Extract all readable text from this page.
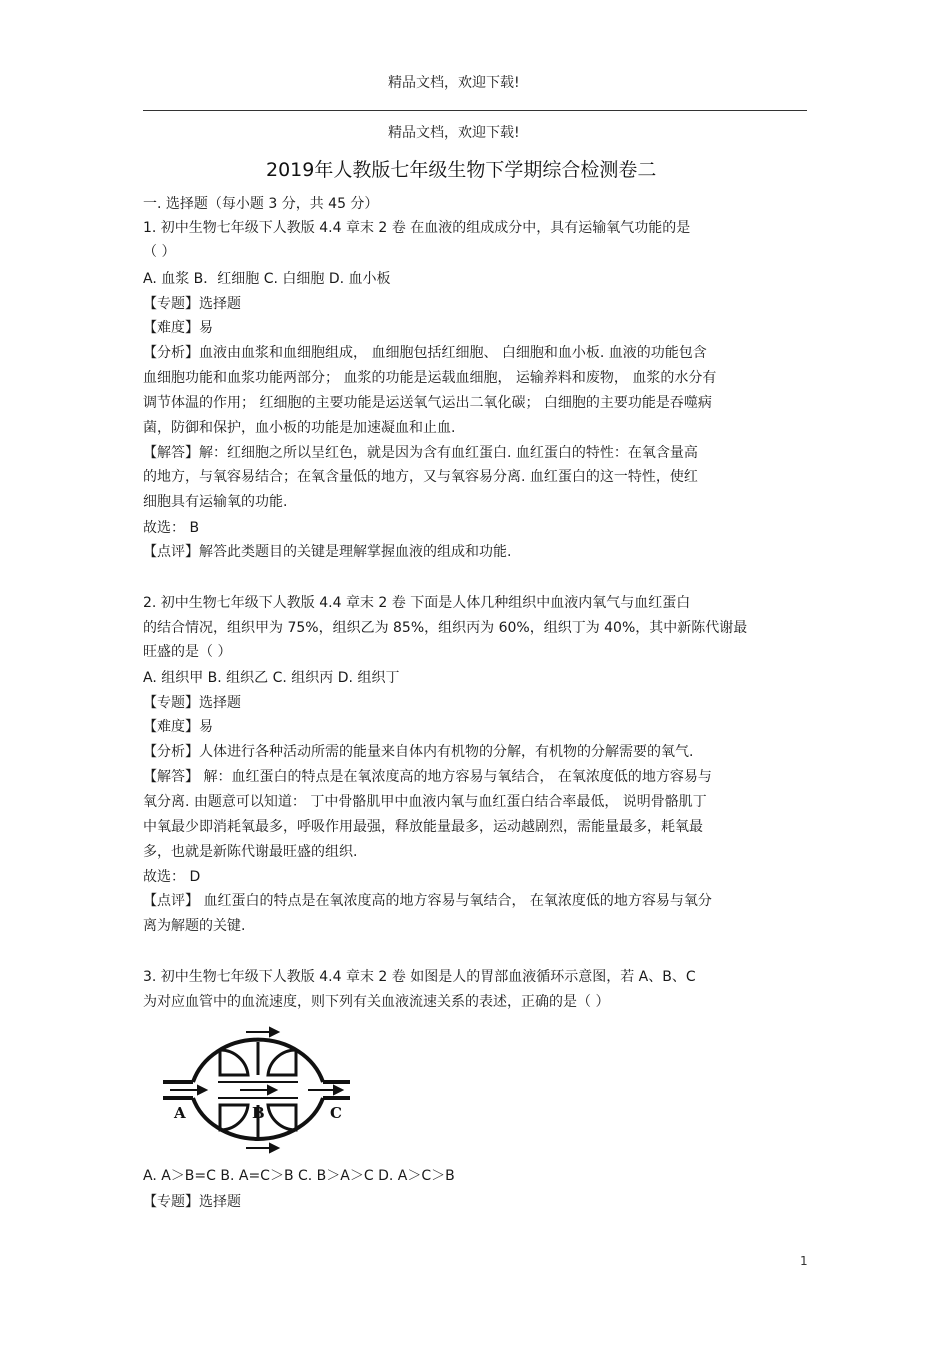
精品文档，欢迎下载!
精品文档，欢迎下载!
2019年人教版七年级生物下学期综合检测卷二
一. 选择题（每小题 3 分，共 45 分）
1. 初中生物七年级下人教版 4.4 章末 2 卷 在血液的组成成分中，具有运输氧气功能的是
（ ）
A. 血浆 B．红细胞 C. 白细胞 D. 血小板
【专题】选择题
【难度】易
【分析】血液由血浆和血细胞组成， 血细胞包括红细胞、 白细胞和血小板. 血液的功能包含
血细胞功能和血浆功能两部分； 血浆的功能是运载血细胞， 运输养料和废物， 血浆的水分有
调节体温的作用； 红细胞的主要功能是运送氧气运出二氧化碳； 白细胞的主要功能是吞噬病
菌，防御和保护，血小板的功能是加速凝血和止血.
【解答】解：红细胞之所以呈红色，就是因为含有血红蛋白. 血红蛋白的特性：在氧含量高
的地方，与氧容易结合；在氧含量低的地方，又与氧容易分离. 血红蛋白的这一特性，使红
细胞具有运输氧的功能.
故选： B
【点评】解答此类题目的关键是理解掌握血液的组成和功能.
2. 初中生物七年级下人教版 4.4 章末 2 卷 下面是人体几种组织中血液内氧气与血红蛋白
的结合情况，组织甲为 75%，组织乙为 85%，组织丙为 60%，组织丁为 40%，其中新陈代谢最
旺盛的是（ ）
A. 组织甲 B. 组织乙 C. 组织丙 D. 组织丁
【专题】选择题
【难度】易
【分析】人体进行各种活动所需的能量来自体内有机物的分解，有机物的分解需要的氧气.
【解答】 解：血红蛋白的特点是在氧浓度高的地方容易与氧结合， 在氧浓度低的地方容易与
氧分离. 由题意可以知道： 丁中骨骼肌甲中血液内氧与血红蛋白结合率最低， 说明骨骼肌丁
中氧最少即消耗氧最多，呼吸作用最强，释放能量最多，运动越剧烈，需能量最多，耗氧最
多，也就是新陈代谢最旺盛的组织.
故选： D
【点评】 血红蛋白的特点是在氧浓度高的地方容易与氧结合， 在氧浓度低的地方容易与氧分
离为解题的关键.
3. 初中生物七年级下人教版 4.4 章末 2 卷 如图是人的胃部血液循环示意图，若 A、B、C
为对应血管中的血流速度，则下列有关血液流速关系的表述，正确的是（ ）
A	B	C
A. A＞B=C B. A=C＞B C. B＞A＞C D. A＞C＞B
【专题】选择题
1
